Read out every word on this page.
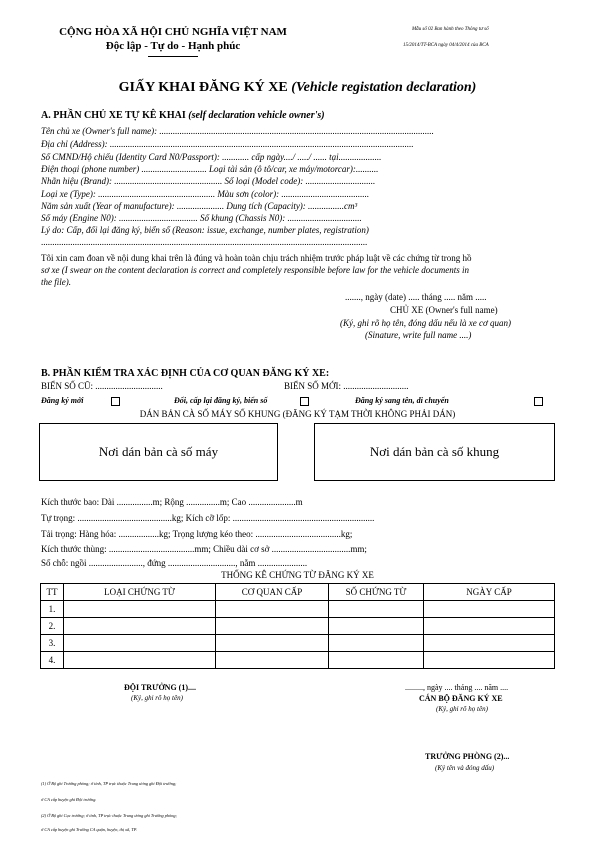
CỘNG HÒA XÃ HỘI CHỦ NGHĨA VIỆT NAM
Độc lập - Tự do - Hạnh phúc
Mẫu số 02 Ban hành theo Thông tư số
15/2014/TT-BCA ngày 04/4/2014 của BCA
GIẤY KHAI ĐĂNG KÝ XE (Vehicle registation declaration)
A. PHẦN CHỦ XE TỰ KÊ KHAI (self declaration vehicle owner's)
Tên chủ xe (Owner's full name): ..........................................................................................................................
Địa chỉ (Address): .......................................................................................................................................
Số CMND/Hộ chiếu (Identity Card N0/Passport): ............ cấp ngày..../ ...../ ...... tại...................
Điện thoại (phone number) ............................. Loại tài sản (ô tô/car, xe máy/motorcar):..........
Nhãn hiệu (Brand): ................................................ Số loại (Model code): ...............................
Loại xe (Type): .................................................... Màu sơn (color): .......................................
Năm sản xuất (Year of manufacture): ..................... Dung tích (Capacity): ................cm³
Số máy (Engine N0): ................................... Số khung (Chassis N0): .................................
Lý do: Cấp, đổi lại đăng ký, biển số (Reason: issue, exchange, number plates, registration)
.................................................................................................................................................
Tôi xin cam đoan về nội dung khai trên là đúng và hoàn toàn chịu trách nhiệm trước pháp luật về các chứng từ trong hồ
sơ xe (I swear on the content declaration is correct and completely responsible before law for the vehicle documents in
the file).
......., ngày (date) ..... tháng ..... năm .....
CHỦ XE (Owner's full name)
(Ký, ghi rõ họ tên, đóng dấu nếu là xe cơ quan)
(Sinature, write full name ....)
B. PHẦN KIỂM TRA XÁC ĐỊNH CỦA CƠ QUAN ĐĂNG KÝ XE:
BIỂN SỐ CŨ: ..............................	BIỂN SỐ MỚI: .............................
Đăng ký mới	Đổi, cấp lại đăng ký, biển số	Đăng ký sang tên, di chuyển
DÁN BẢN CÀ SỐ MÁY SỐ KHUNG (ĐĂNG KÝ TẠM THỜI KHÔNG PHẢI DÁN)
Nơi dán bản cà số máy	Nơi dán bản cà số khung
Kích thước bao: Dài ................m; Rộng ...............m; Cao .....................m
Tự trọng: ..........................................kg; Kích cỡ lốp: ...............................................................
Tải trọng: Hàng hóa: ..................kg; Trọng lượng kéo theo: ......................................kg;
Kích thước thùng: ......................................mm; Chiều dài cơ sở ...................................mm;
Số chỗ: ngồi ........................, đứng .............................., nằm ......................
THỐNG KÊ CHỨNG TỪ ĐĂNG KÝ XE
TT	LOẠI CHỨNG TỪ	CƠ QUAN CẤP	SỐ CHỨNG TỪ	NGÀY CẤP
1.				
2.				
3.				
4.				
ĐỘI TRƯỞNG (1)....
(Ký, ghi rõ họ tên)
........., ngày .... tháng .... năm ....
CÁN BỘ ĐĂNG KÝ XE
(Ký, ghi rõ họ tên)
TRƯỞNG PHÒNG (2)...
(Ký tên và đóng dấu)
(1) Ở Bộ ghi Trưởng phòng; ở tỉnh, TP trực thuộc Trung ương ghi Đội trưởng;
ở CA cấp huyện ghi Đội trưởng.
(2) Ở Bộ ghi Cục trưởng; ở tỉnh, TP trực thuộc Trung ương ghi Trưởng phòng;
ở CA cấp huyện ghi Trưởng CA quận, huyện, thị xã, TP.
